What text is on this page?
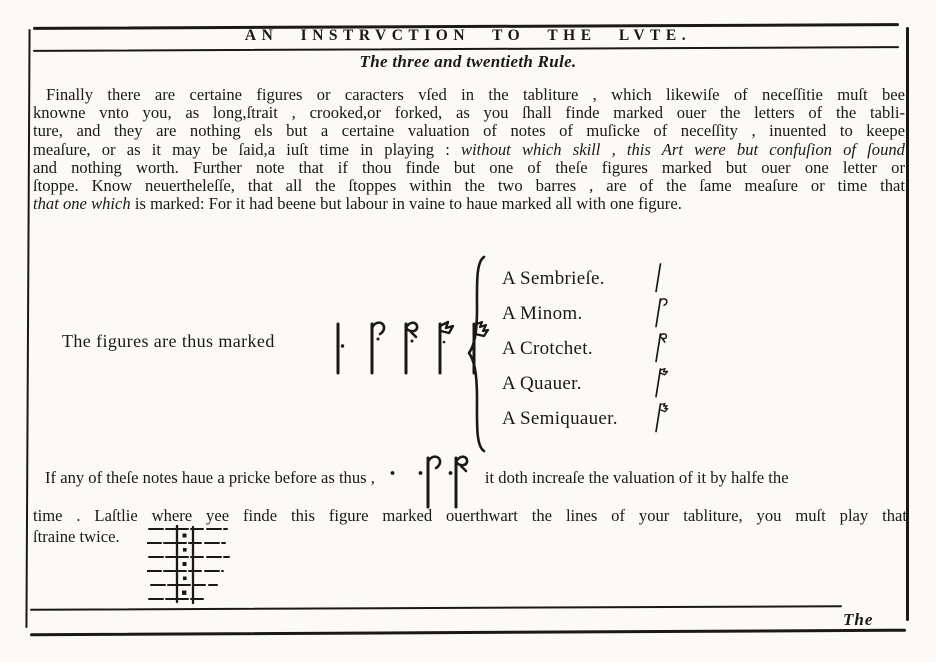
AN INSTRVCTION TO THE LVTE.
The three and twentieth Rule.
Finally there are certaine figures or caracters vſed in the tabliture , which likewiſe of neceſſitie muſt bee
knowne vnto you, as long,ſtrait , crooked,or forked, as you ſhall finde marked ouer the letters of the tabli-
ture, and they are nothing els but a certaine valuation of notes of muſicke of neceſſity , inuented to keepe
meaſure, or as it may be ſaid,a iuſt time in playing : without which skill , this Art were but confuſion of ſound
and nothing worth. Further note that if thou finde but one of theſe figures marked but ouer one letter or
ſtoppe. Know neuertheleſſe, that all the ſtoppes within the two barres , are of the ſame meaſure or time that
that one which is marked: For it had beene but labour in vaine to haue marked all with one figure.
The figures are thus marked
A Sembrieſe.
A Minom.
A Crotchet.
A Quauer.
A Semiquauer.
If any of theſe notes haue a pricke before as thus ,	it doth increaſe the valuation of it by halfe the
time . Laſtlie where yee finde this figure marked ouerthwart the lines of your tabliture, you muſt play that
ſtraine twice.
The
